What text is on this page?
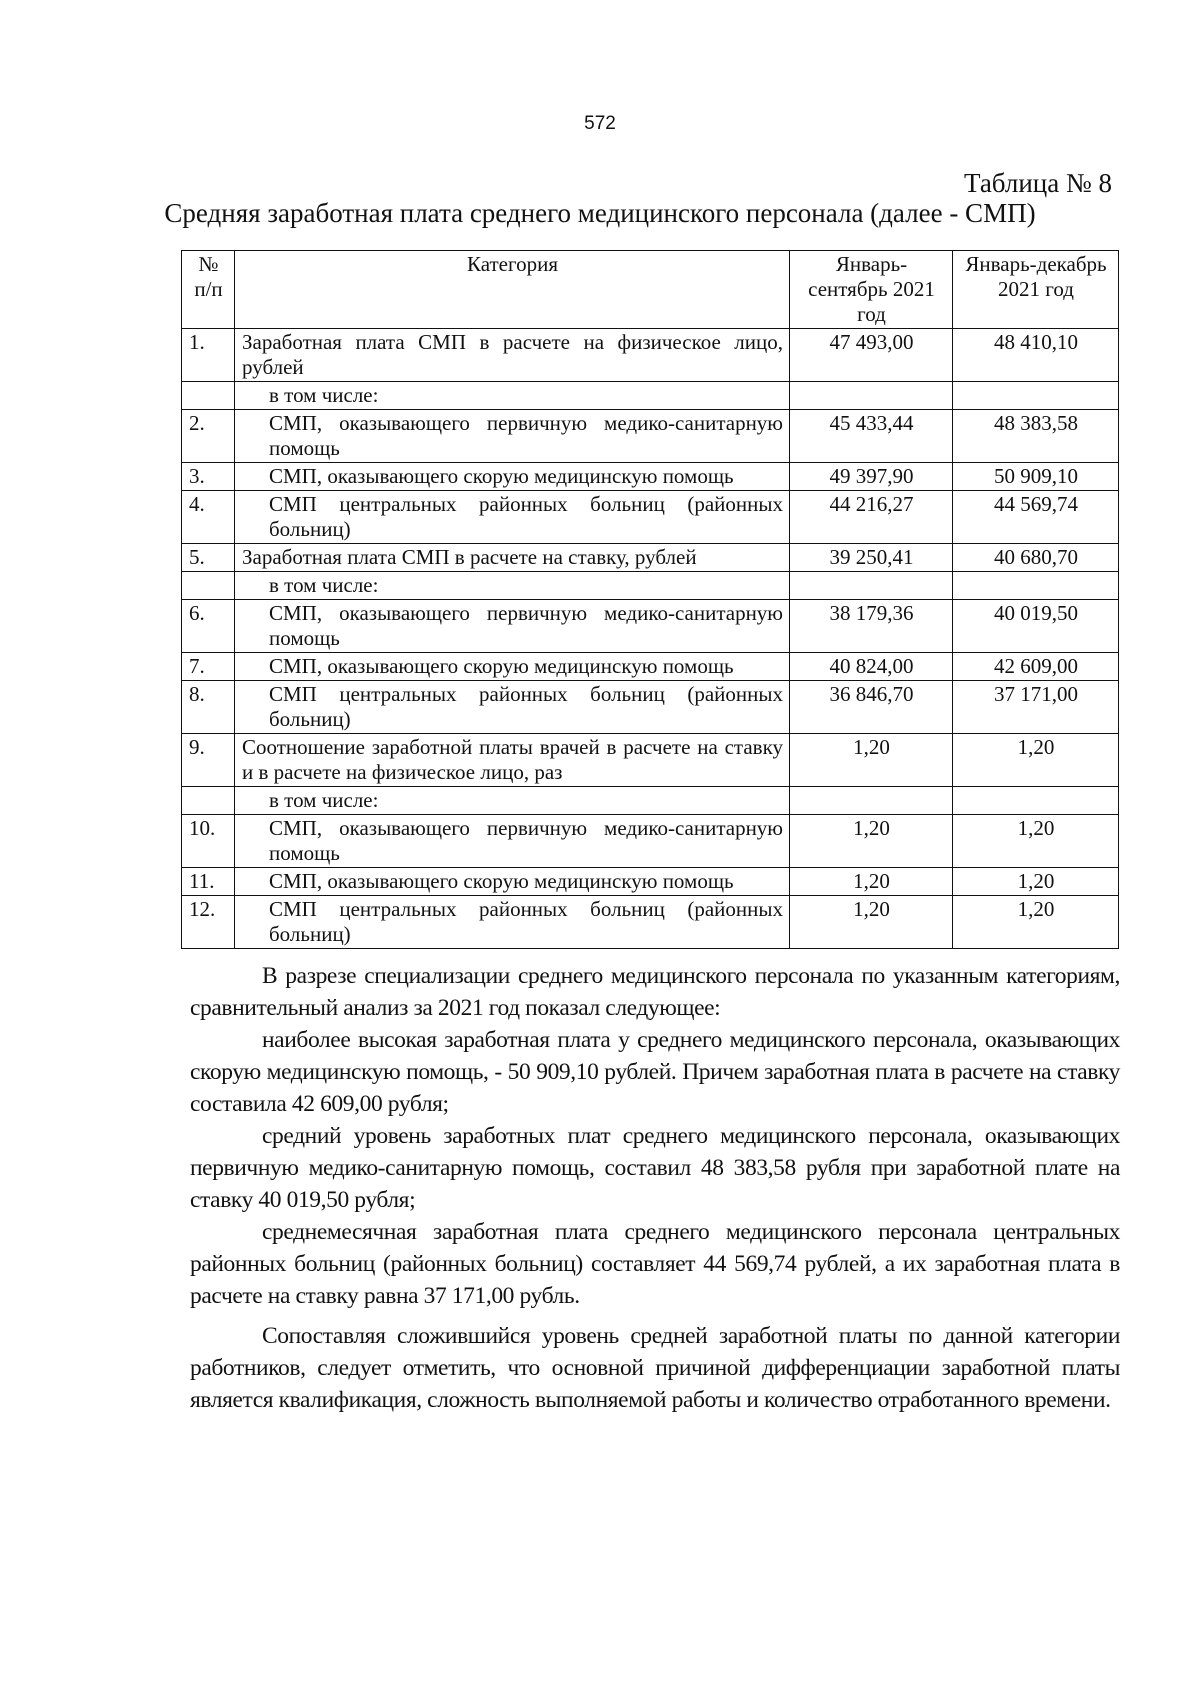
572
Таблица № 8
Средняя заработная плата среднего медицинского персонала (далее - СМП)
№ п/п	Категория	Январь-сентябрь 2021 год	Январь-декабрь 2021 год
1.	Заработная плата СМП в расчете на физическое лицо, рублей	47 493,00	48 410,10
	в том числе:		
2.	СМП, оказывающего первичную медико-санитарную помощь	45 433,44	48 383,58
3.	СМП, оказывающего скорую медицинскую помощь	49 397,90	50 909,10
4.	СМП центральных районных больниц (районных больниц)	44 216,27	44 569,74
5.	Заработная плата СМП в расчете на ставку, рублей	39 250,41	40 680,70
	в том числе:		
6.	СМП, оказывающего первичную медико-санитарную помощь	38 179,36	40 019,50
7.	СМП, оказывающего скорую медицинскую помощь	40 824,00	42 609,00
8.	СМП центральных районных больниц (районных больниц)	36 846,70	37 171,00
9.	Соотношение заработной платы врачей в расчете на ставку и в расчете на физическое лицо, раз	1,20	1,20
	в том числе:		
10.	СМП, оказывающего первичную медико-санитарную помощь	1,20	1,20
11.	СМП, оказывающего скорую медицинскую помощь	1,20	1,20
12.	СМП центральных районных больниц (районных больниц)	1,20	1,20

В разрезе специализации среднего медицинского персонала по указанным категориям, сравнительный анализ за 2021 год показал следующее:

наиболее высокая заработная плата у среднего медицинского персонала, оказывающих скорую медицинскую помощь, - 50 909,10 рублей. Причем заработная плата в расчете на ставку составила 42 609,00 рубля;

средний уровень заработных плат среднего медицинского персонала, оказывающих первичную медико-санитарную помощь, составил 48 383,58 рубля при заработной плате на ставку 40 019,50 рубля;

среднемесячная заработная плата среднего медицинского персонала центральных районных больниц (районных больниц) составляет 44 569,74 рублей, а их заработная плата в расчете на ставку равна 37 171,00 рубль.

Сопоставляя сложившийся уровень средней заработной платы по данной категории работников, следует отметить, что основной причиной дифференциации заработной платы является квалификация, сложность выполняемой работы и количество отработанного времени.
